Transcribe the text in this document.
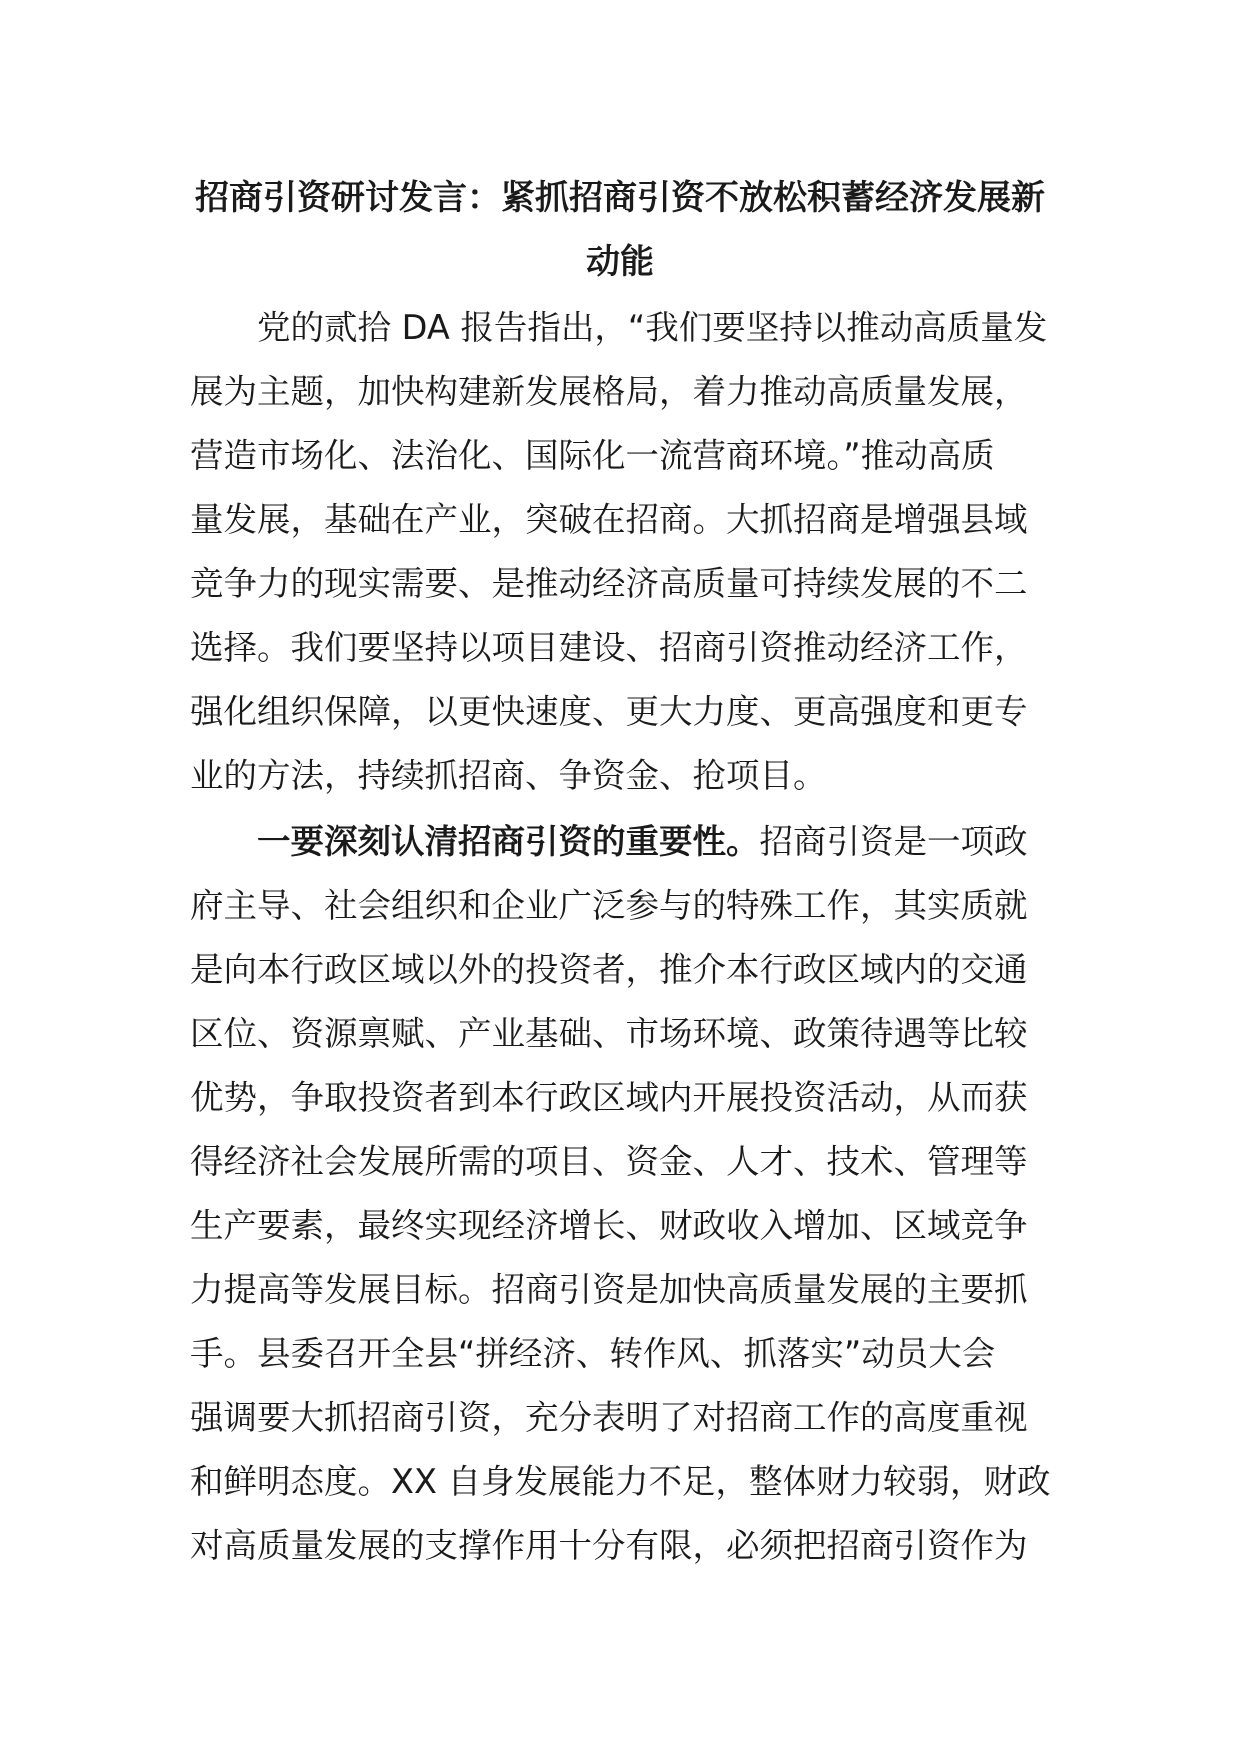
招商引资研讨发言：紧抓招商引资不放松积蓄经济发展新
动能
党的贰拾 DA 报告指出，“我们要坚持以推动高质量发
展为主题，加快构建新发展格局，着力推动高质量发展，
营造市场化、法治化、国际化一流营商环境。”推动高质
量发展，基础在产业，突破在招商。大抓招商是增强县域
竞争力的现实需要、是推动经济高质量可持续发展的不二
选择。我们要坚持以项目建设、招商引资推动经济工作，
强化组织保障，以更快速度、更大力度、更高强度和更专
业的方法，持续抓招商、争资金、抢项目。
一要深刻认清招商引资的重要性。招商引资是一项政
府主导、社会组织和企业广泛参与的特殊工作，其实质就
是向本行政区域以外的投资者，推介本行政区域内的交通
区位、资源禀赋、产业基础、市场环境、政策待遇等比较
优势，争取投资者到本行政区域内开展投资活动，从而获
得经济社会发展所需的项目、资金、人才、技术、管理等
生产要素，最终实现经济增长、财政收入增加、区域竞争
力提高等发展目标。招商引资是加快高质量发展的主要抓
手。县委召开全县“拼经济、转作风、抓落实”动员大会
强调要大抓招商引资，充分表明了对招商工作的高度重视
和鲜明态度。XX 自身发展能力不足，整体财力较弱，财政
对高质量发展的支撑作用十分有限，必须把招商引资作为
